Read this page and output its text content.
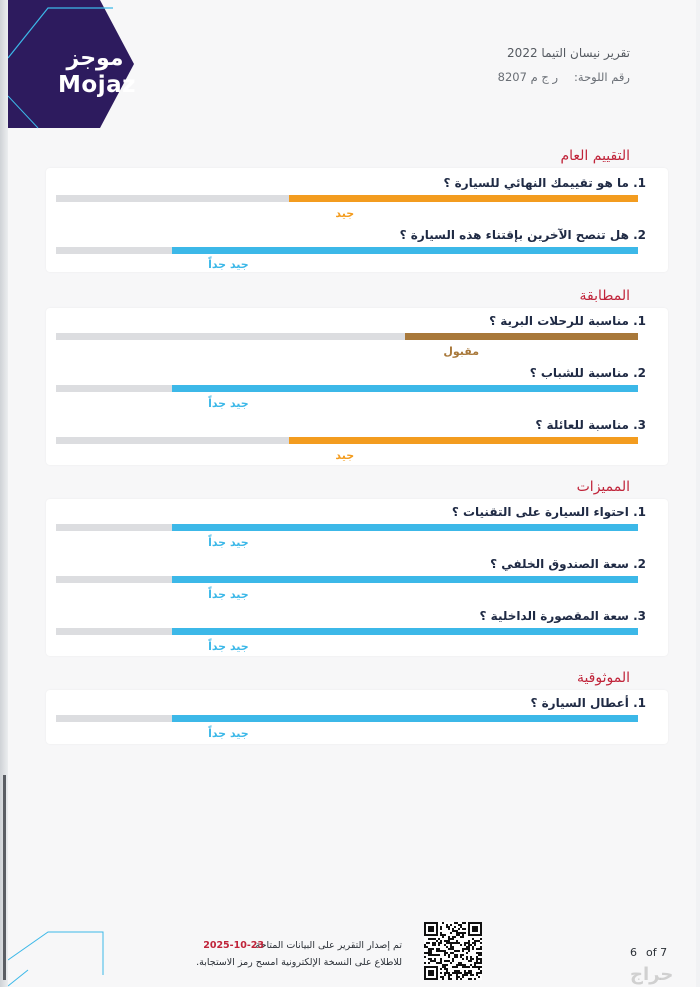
موجز
Mojaz
تقرير نيسان التيما 2022
رقم اللوحة:
ر ج م 8207
التقييم العام
1. ما هو تقييمك النهائي للسيارة ؟
جيد
2. هل تنصح الآخرين بإقتناء هذه السيارة ؟
جيد جداً
المطابقة
1. مناسبة للرحلات البرية ؟
مقبول
2. مناسبة للشباب ؟
جيد جداً
3. مناسبة للعائلة ؟
جيد
المميزات
1. احتواء السيارة على التقنيات ؟
جيد جداً
2. سعة الصندوق الخلفي ؟
جيد جداً
3. سعة المقصورة الداخلية ؟
جيد جداً
الموثوقية
1. أعطال السيارة ؟
جيد جداً
تم إصدار التقرير على البيانات المتاحة
2025-10-23
للاطلاع على النسخة الإلكترونية امسح رمز الاستجابة.
6 of 7
حراج
